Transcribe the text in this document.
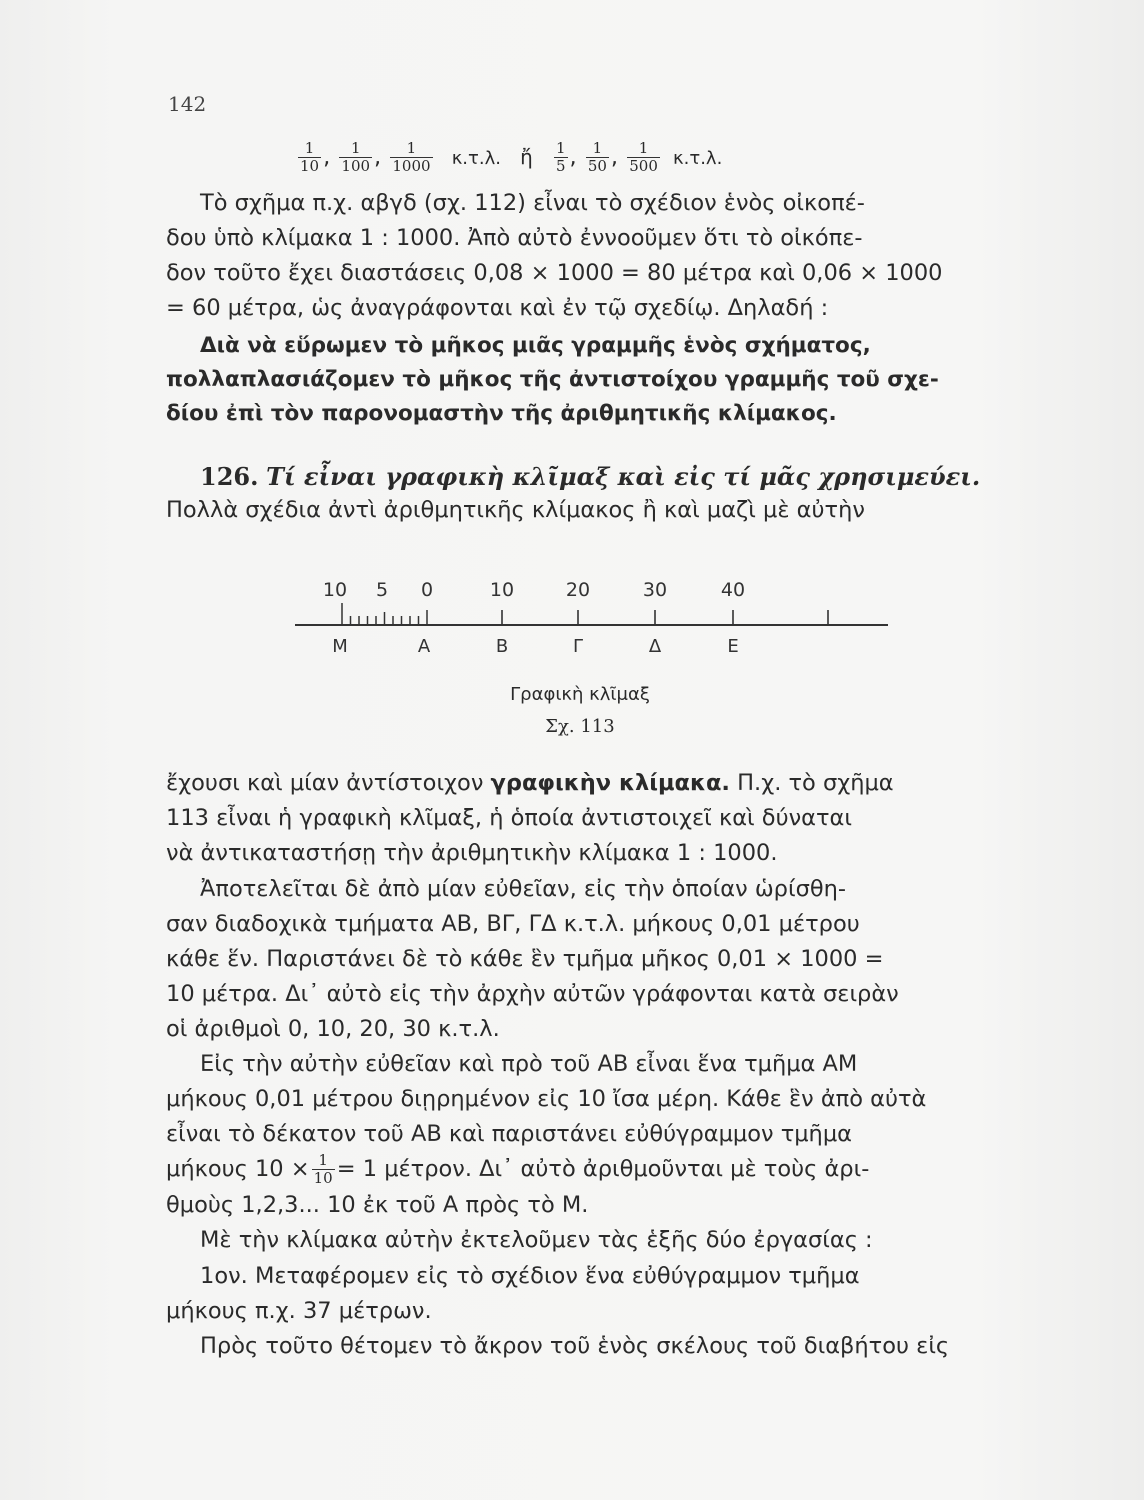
142
$\frac{1}{10}$ , $\frac{1}{100}$ , $\frac{1}{1000} \kappa.\tau.\lambda$. ἤ $\frac{1}{5}$ , $\frac{1}{50}$ , $\frac{1}{500} \kappa.\tau.\lambda$.
Τὸ σχῆμα π.χ. αβγδ (σχ. 112) εἶναι τὸ σχέδιον ἑνὸς οἰκοπέ-
δου ὑπὸ κλίμακα 1 : 1000. Ἀπὸ αὐτὸ ἐννοοῦμεν ὅτι τὸ οἰκόπε-
δον τοῦτο ἔχει διαστάσεις 0,08 × 1000 = 80 μέτρα καὶ 0,06 × 1000
= 60 μέτρα, ὡς ἀναγράφονται καὶ ἐν τῷ σχεδίῳ. Δηλαδή :
Διὰ νὰ εὕρωμεν τὸ μῆκος μιᾶς γραμμῆς ἑνὸς σχήματος,
πολλαπλασιάζομεν τὸ μῆκος τῆς ἀντιστοίχου γραμμῆς τοῦ σχε-
δίου ἐπὶ τὸν παρονομαστὴν τῆς ἀριθμητικῆς κλίμακος.
126. Τί εἶναι γραφικὴ κλῖμαξ καὶ εἰς τί μᾶς χρησιμεύει.
Πολλὰ σχέδια ἀντὶ ἀριθμητικῆς κλίμακος ἢ καὶ μαζὶ μὲ αὐτὴν
10 5 0	10	20	30	40
Μ	Α	Β	Γ	Δ	Ε
Γραφικὴ κλῖμαξ
Σχ. 113
ἔχουσι καὶ μίαν ἀντίστοιχον γραφικὴν κλίμακα. Π.χ. τὸ σχῆμα
113 εἶναι ἡ γραφικὴ κλῖμαξ, ἡ ὁποία ἀντιστοιχεῖ καὶ δύναται
νὰ ἀντικαταστήσῃ τὴν ἀριθμητικὴν κλίμακα 1 : 1000.
Ἀποτελεῖται δὲ ἀπὸ μίαν εὐθεῖαν, εἰς τὴν ὁποίαν ὡρίσθη-
σαν διαδοχικὰ τμήματα ΑΒ, ΒΓ, ΓΔ κ.τ.λ. μήκους 0,01 μέτρου
κάθε ἕν. Παριστάνει δὲ τὸ κάθε ἓν τμῆμα μῆκος 0,01 × 1000 =
10 μέτρα. Δι᾽ αὐτὸ εἰς τὴν ἀρχὴν αὐτῶν γράφονται κατὰ σειρὰν
οἱ ἀριθμοὶ 0, 10, 20, 30 κ.τ.λ.
Εἰς τὴν αὐτὴν εὐθεῖαν καὶ πρὸ τοῦ ΑΒ εἶναι ἕνα τμῆμα ΑΜ
μήκους 0,01 μέτρου διῃρημένον εἰς 10 ἴσα μέρη. Κάθε ἓν ἀπὸ αὐτὰ
εἶναι τὸ δέκατον τοῦ ΑΒ καὶ παριστάνει εὐθύγραμμον τμῆμα
μήκους $10 \times \frac{1}{10} = 1$ μέτρον. Δι᾽ αὐτὸ ἀριθμοῦνται μὲ τοὺς ἀρι-
θμοὺς 1,2,3... 10 ἐκ τοῦ Α πρὸς τὸ Μ.
Μὲ τὴν κλίμακα αὐτὴν ἐκτελοῦμεν τὰς ἑξῆς δύο ἐργασίας :
1ον. Μεταφέρομεν εἰς τὸ σχέδιον ἕνα εὐθύγραμμον τμῆμα
μήκους π.χ. 37 μέτρων.
Πρὸς τοῦτο θέτομεν τὸ ἄκρον τοῦ ἑνὸς σκέλους τοῦ διαβήτου εἰς
